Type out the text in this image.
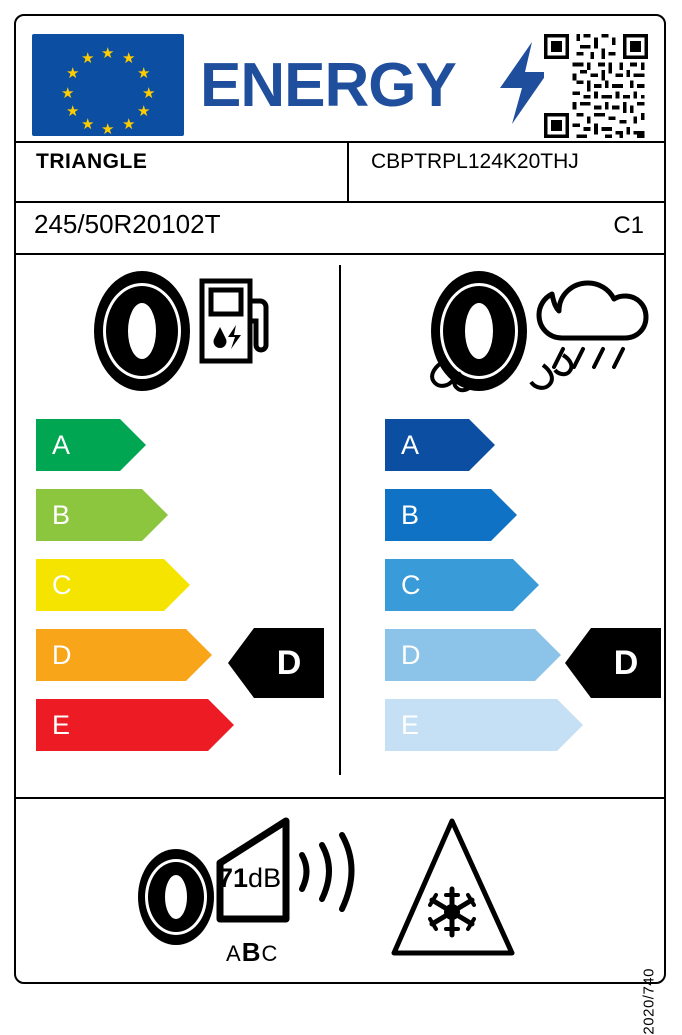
★ ★
★
★
★
★
★
★
★
★
★
★ ENERGY
TRIANGLE	CBPTRPL124K20THJ
245/50R20102T	C1
A
B
C
D
E
D
A
B
C
D
E
D
71dB
ABC
2020/740
